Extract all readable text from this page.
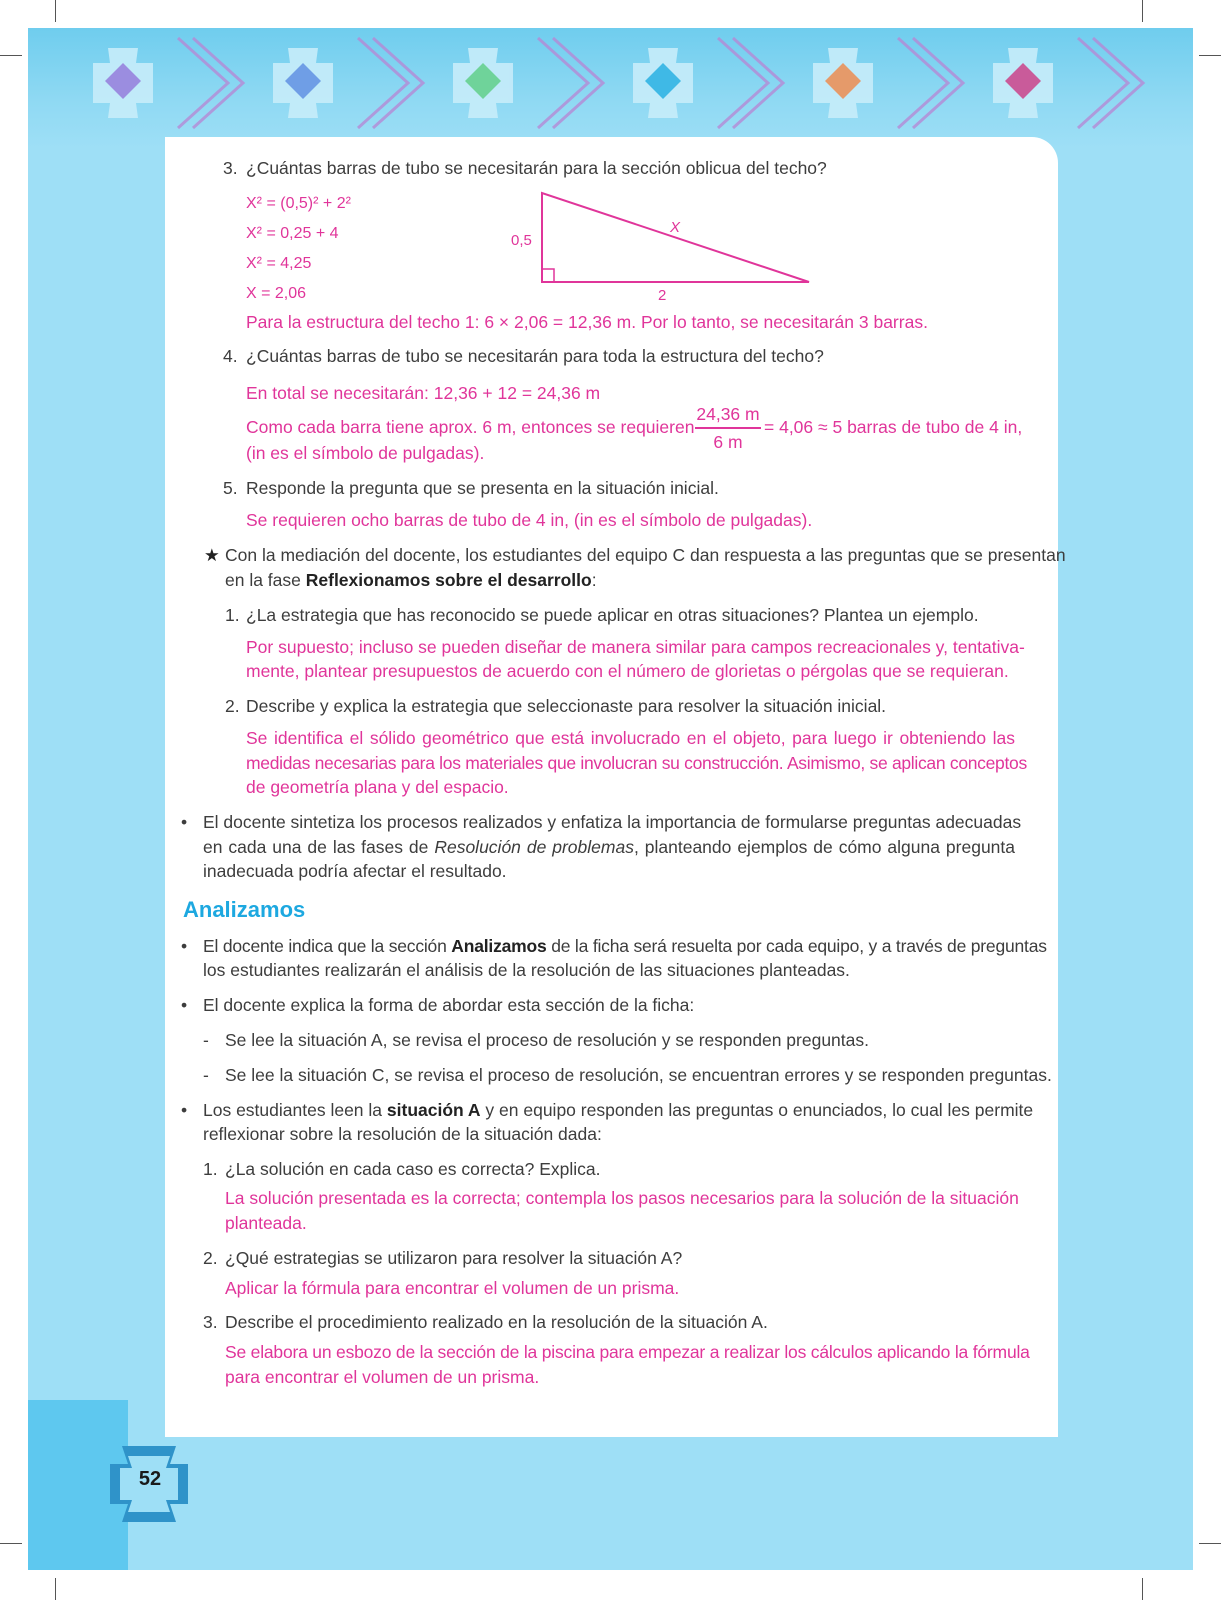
3. ¿Cuántas barras de tubo se necesitarán para la sección oblicua del techo?
X² = (0,5)² + 2²
X² = 0,25 + 4
X² = 4,25
X = 2,06
0,5
X
2
Para la estructura del techo 1: 6 × 2,06 = 12,36 m. Por lo tanto, se necesitarán 3 barras.
4. ¿Cuántas barras de tubo se necesitarán para toda la estructura del techo?
En total se necesitarán: 12,36 + 12 = 24,36 m
Como cada barra tiene aprox. 6 m, entonces se requieren
24,36 m
6 m
= 4,06 ≈ 5 barras de tubo de 4 in,
(in es el símbolo de pulgadas).
5. Responde la pregunta que se presenta en la situación inicial.
Se requieren ocho barras de tubo de 4 in, (in es el símbolo de pulgadas).
★ Con la mediación del docente, los estudiantes del equipo C dan respuesta a las preguntas que se presentan
en la fase Reflexionamos sobre el desarrollo:
1. ¿La estrategia que has reconocido se puede aplicar en otras situaciones? Plantea un ejemplo.
Por supuesto; incluso se pueden diseñar de manera similar para campos recreacionales y, tentativa-
mente, plantear presupuestos de acuerdo con el número de glorietas o pérgolas que se requieran.
2. Describe y explica la estrategia que seleccionaste para resolver la situación inicial.
Se identifica el sólido geométrico que está involucrado en el objeto, para luego ir obteniendo las
medidas necesarias para los materiales que involucran su construcción. Asimismo, se aplican conceptos
de geometría plana y del espacio.
• El docente sintetiza los procesos realizados y enfatiza la importancia de formularse preguntas adecuadas
en cada una de las fases de Resolución de problemas, planteando ejemplos de cómo alguna pregunta
inadecuada podría afectar el resultado.
Analizamos
• El docente indica que la sección Analizamos de la ficha será resuelta por cada equipo, y a través de preguntas
los estudiantes realizarán el análisis de la resolución de las situaciones planteadas.
• El docente explica la forma de abordar esta sección de la ficha:
- Se lee la situación A, se revisa el proceso de resolución y se responden preguntas.
- Se lee la situación C, se revisa el proceso de resolución, se encuentran errores y se responden preguntas.
• Los estudiantes leen la situación A y en equipo responden las preguntas o enunciados, lo cual les permite
reflexionar sobre la resolución de la situación dada:
1. ¿La solución en cada caso es correcta? Explica.
La solución presentada es la correcta; contempla los pasos necesarios para la solución de la situación
planteada.
2. ¿Qué estrategias se utilizaron para resolver la situación A?
Aplicar la fórmula para encontrar el volumen de un prisma.
3. Describe el procedimiento realizado en la resolución de la situación A.
Se elabora un esbozo de la sección de la piscina para empezar a realizar los cálculos aplicando la fórmula
para encontrar el volumen de un prisma.
52
